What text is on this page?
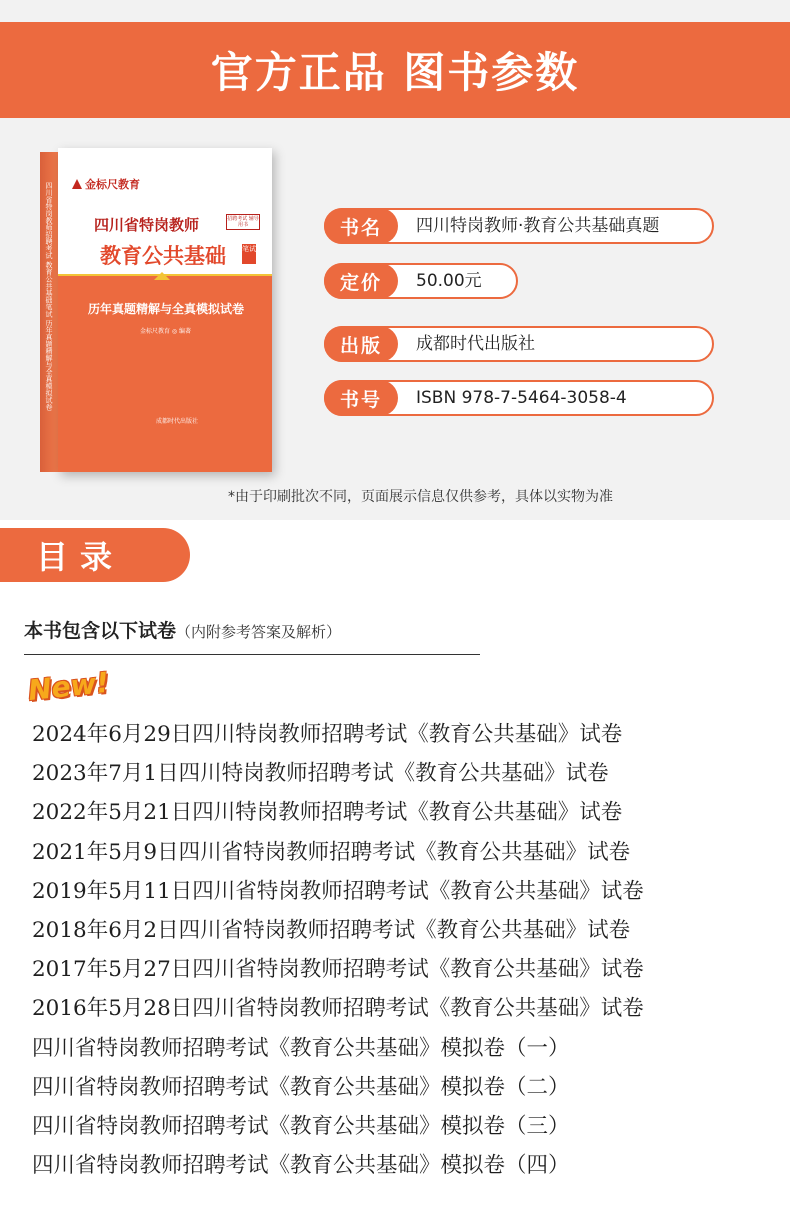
官方正品 图书参数
四川省特岗教师招聘考试 教育公共基础笔试 历年真题精解与全真模拟试卷	金标尺教育
四川省特岗教师	招聘考试 辅导用书
教育公共基础 笔试
历年真题精解与全真模拟试卷
金标尺教育 ◎ 编著
成都时代出版社
书名	四川特岗教师·教育公共基础真题
定价	50.00元
出版	成都时代出版社
书号	ISBN 978-7-5464-3058-4
*由于印刷批次不同，页面展示信息仅供参考，具体以实物为准
目录
本书包含以下试卷（内附参考答案及解析）
New!
2024年6月29日四川特岗教师招聘考试《教育公共基础》试卷
2023年7月1日四川特岗教师招聘考试《教育公共基础》试卷
2022年5月21日四川特岗教师招聘考试《教育公共基础》试卷
2021年5月9日四川省特岗教师招聘考试《教育公共基础》试卷
2019年5月11日四川省特岗教师招聘考试《教育公共基础》试卷
2018年6月2日四川省特岗教师招聘考试《教育公共基础》试卷
2017年5月27日四川省特岗教师招聘考试《教育公共基础》试卷
2016年5月28日四川省特岗教师招聘考试《教育公共基础》试卷
四川省特岗教师招聘考试《教育公共基础》模拟卷（一）
四川省特岗教师招聘考试《教育公共基础》模拟卷（二）
四川省特岗教师招聘考试《教育公共基础》模拟卷（三）
四川省特岗教师招聘考试《教育公共基础》模拟卷（四）
